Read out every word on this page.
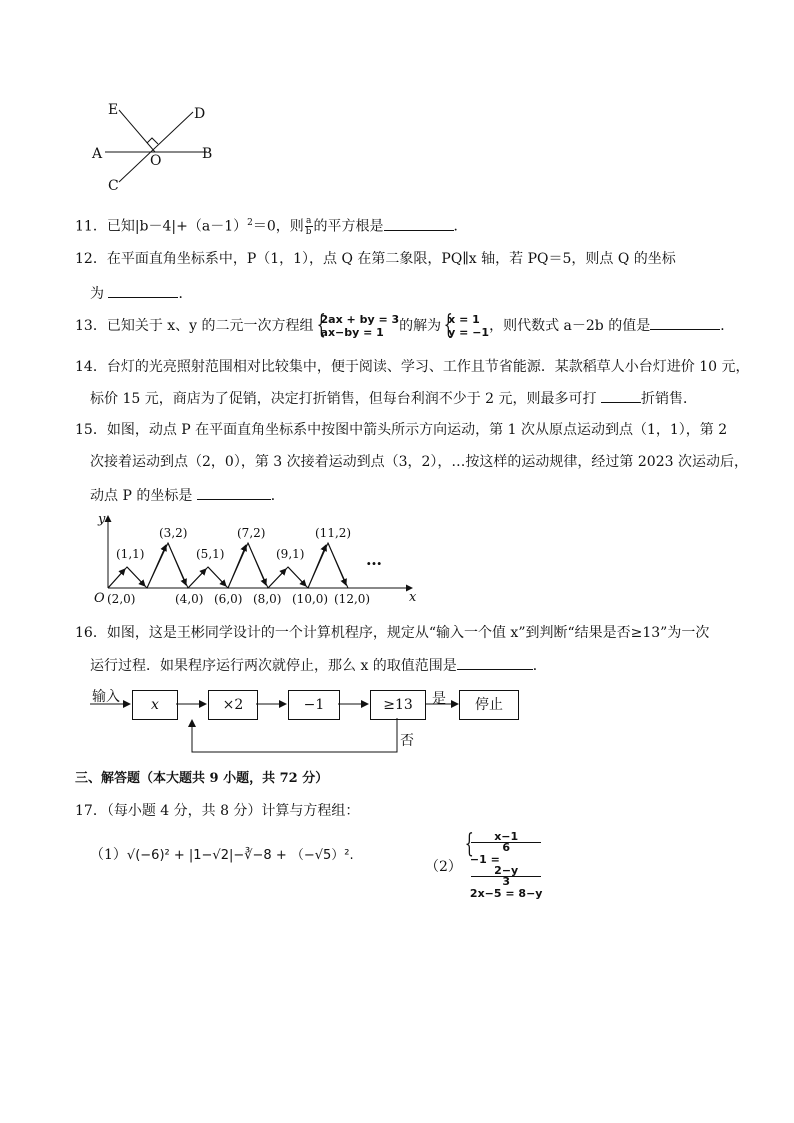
E	D
A	B
O
C
11．已知$|b-4|+(a-1)^2=0$，则 $\frac{a}{b}$ 的平方根是	．
12．在平面直角坐标系中，P（1，1），点 Q 在第二象限，PQ∥x 轴，若 PQ＝5，则点 Q 的坐标
为	．
13．已知关于 x、y 的二元一次方程组 { 2ax + by = 3
ax−by = 1	的解为 { x = 1
y = −1 ，则代数式 a－2b 的值是	．
14．台灯的光亮照射范围相对比较集中，便于阅读、学习、工作且节省能源．某款稻草人小台灯进价 10 元，
标价 15 元，商店为了促销，决定打折销售，但每台利润不少于 2 元，则最多可打	折销售．
15．如图，动点 P 在平面直角坐标系中按图中箭头所示方向运动，第 1 次从原点运动到点（1，1），第 2
次接着运动到点（2，0），第 3 次接着运动到点（3，2），…按这样的运动规律，经过第 2023 次运动后，
动点 P 的坐标是	．
y
x
O
…
(1,1)
(3,2)
(5,1)
(7,2)
(9,1)
(11,2)
(2,0)	(4,0) (6,0) (8,0) (10,0) (12,0)
16．如图，这是王彬同学设计的一个计算机程序，规定从“输入一个值 x”到判断“结果是否≥13”为一次
运行过程．如果程序运行两次就停止，那么 x 的取值范围是	．
输入	x	×2	−1	≥13	是	停止
否
三、解答题（本大题共 9 小题，共 72 分）
17．（每小题 4 分，共 8 分）计算与方程组：
（1）√(−6)² + |1−√2|−∛−8 + （−√5）².
（2）
{ x−1
6
−1 =
2−y
3
2x−5 = 8−y
